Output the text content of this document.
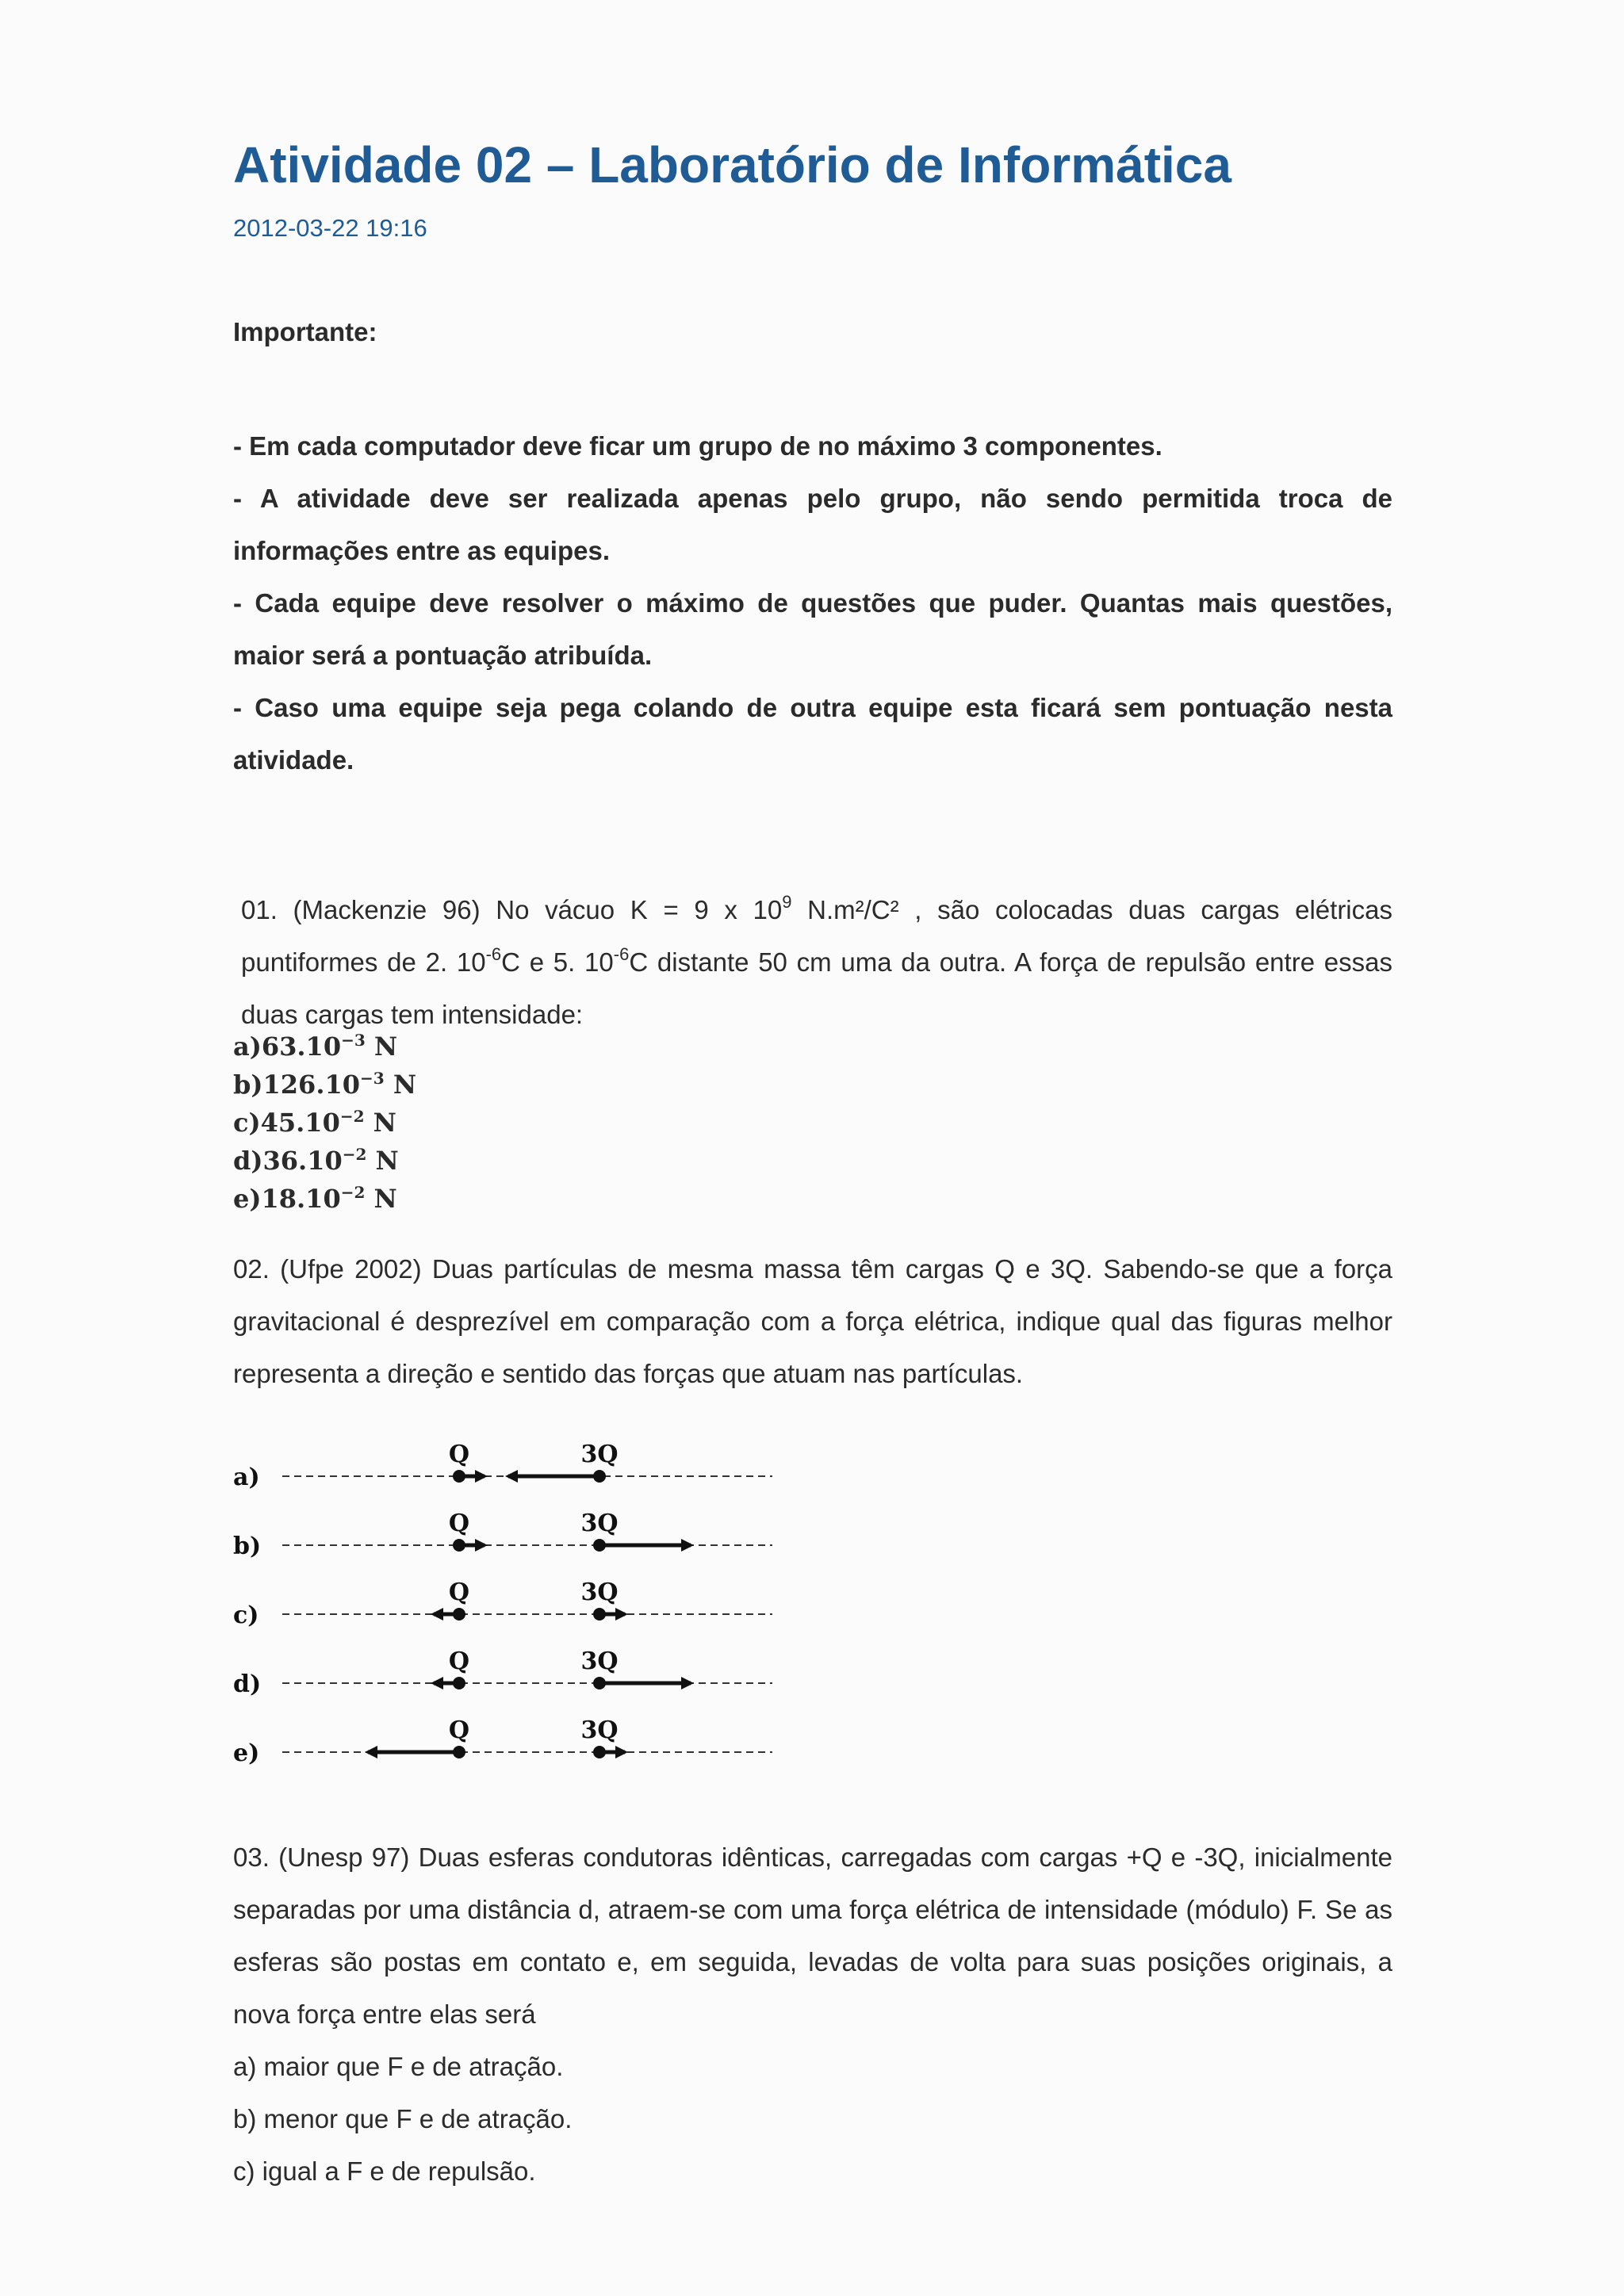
Atividade 02 – Laboratório de Informática
2012-03-22 19:16
Importante:

- Em cada computador deve ficar um grupo de no máximo 3 componentes.

- A atividade deve ser realizada apenas pelo grupo, não sendo permitida troca de informações entre as equipes.

- Cada equipe deve resolver o máximo de questões que puder. Quantas mais questões, maior será a pontuação atribuída.

- Caso uma equipe seja pega colando de outra equipe esta ficará sem pontuação nesta atividade.

01. (Mackenzie 96) No vácuo K = 9 x $10^9$ N.m²/C² , são colocadas duas cargas elétricas puntiformes de 2. $10^{-6}C$ e 5. $10^{-6}C$ distante 50 cm uma da outra. A força de repulsão entre essas duas cargas tem intensidade:

$a)63.10^{-3}$ N
$b)126.10^{-3}$ N
$c)45.10^{-2}$ N
$d)36.10^{-2}$ N
$e)18.10^{-2}$ N

02. (Ufpe 2002) Duas partículas de mesma massa têm cargas Q e 3Q. Sabendo-se que a força gravitacional é desprezível em comparação com a força elétrica, indique qual das figuras melhor representa a direção e sentido das forças que atuam nas partículas.

a)
Q	3Q
b)
Q	3Q
c)
Q	3Q
d)
Q	3Q
e)
Q	3Q

03. (Unesp 97) Duas esferas condutoras idênticas, carregadas com cargas +Q e -3Q, inicialmente separadas por uma distância d, atraem-se com uma força elétrica de intensidade (módulo) F. Se as esferas são postas em contato e, em seguida, levadas de volta para suas posições originais, a nova força entre elas será

a) maior que F e de atração.

b) menor que F e de atração.

c) igual a F e de repulsão.
